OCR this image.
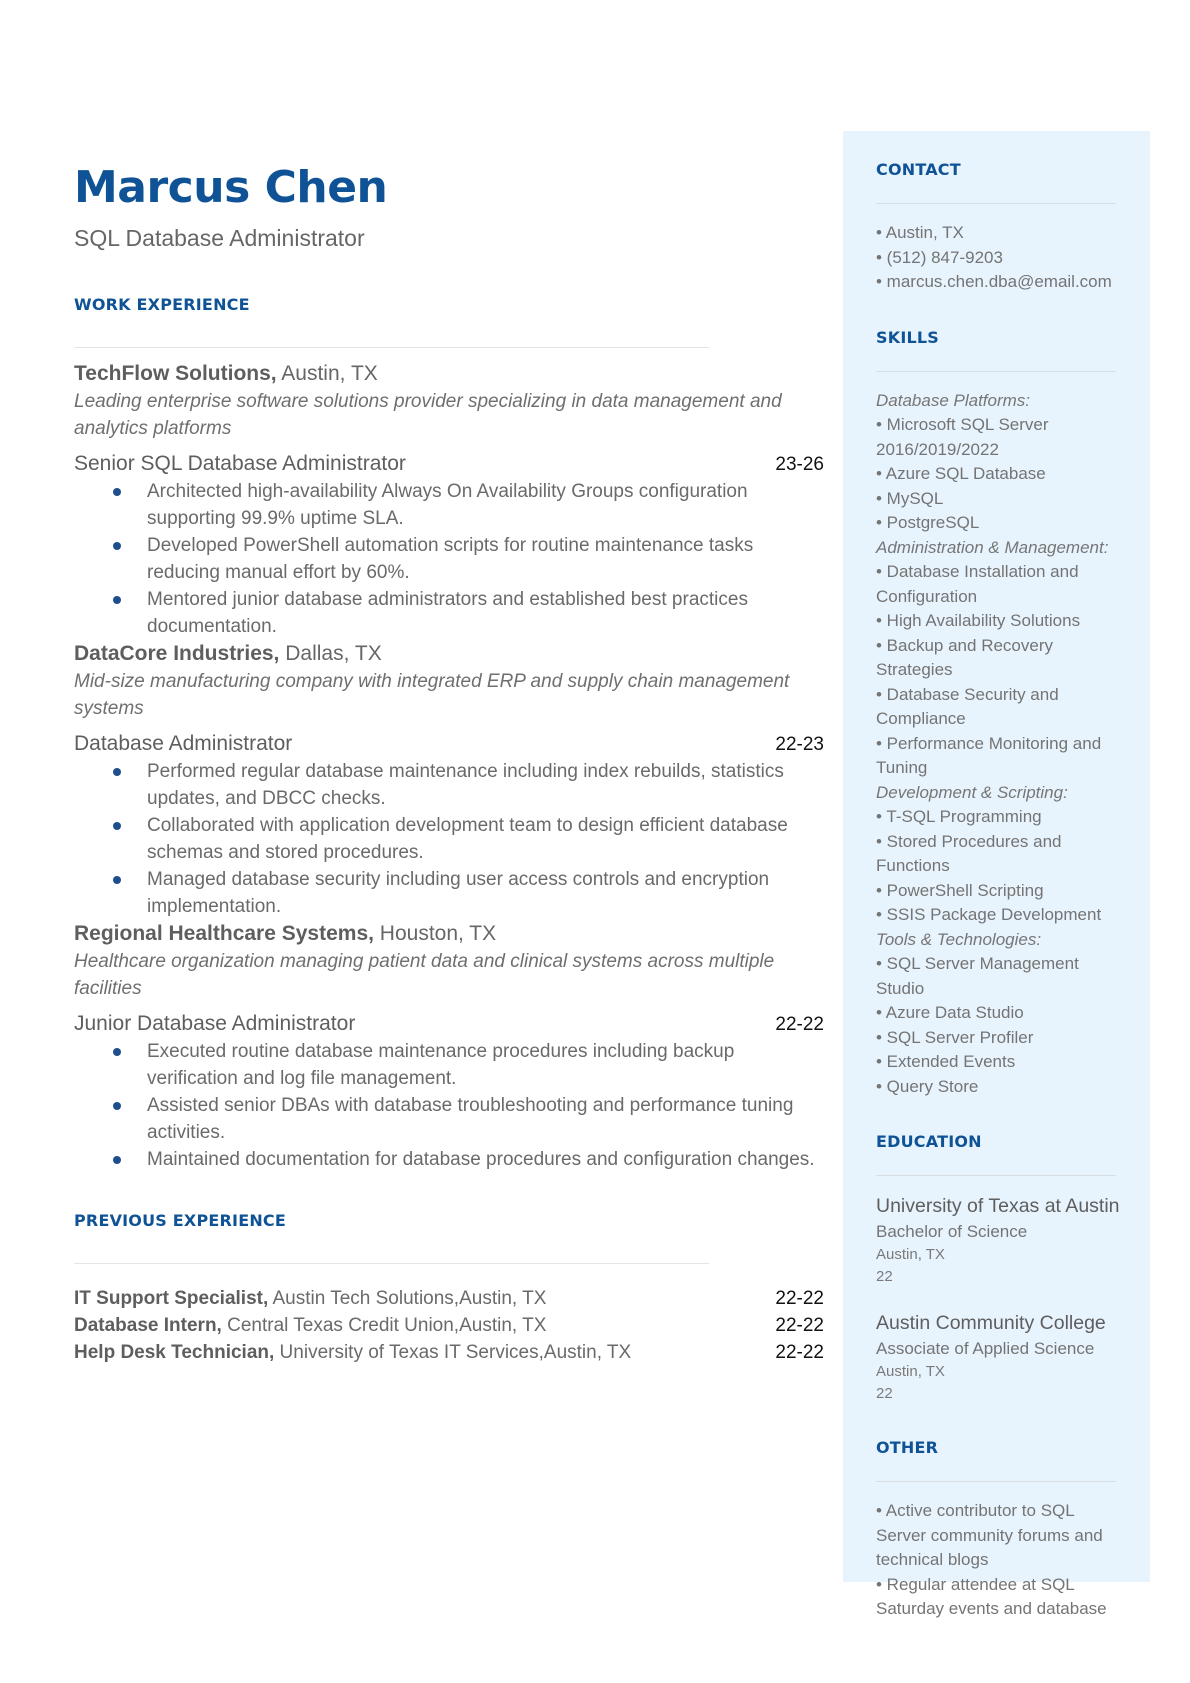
Marcus Chen
SQL Database Administrator
WORK EXPERIENCE
TechFlow Solutions, Austin, TX
Leading enterprise software solutions provider specializing in data management and analytics platforms
Senior SQL Database Administrator	23-26
Architected high-availability Always On Availability Groups configuration supporting 99.9% uptime SLA.
Developed PowerShell automation scripts for routine maintenance tasks reducing manual effort by 60%.
Mentored junior database administrators and established best practices documentation.
DataCore Industries, Dallas, TX
Mid-size manufacturing company with integrated ERP and supply chain management systems
Database Administrator	22-23
Performed regular database maintenance including index rebuilds, statistics updates, and DBCC checks.
Collaborated with application development team to design efficient database schemas and stored procedures.
Managed database security including user access controls and encryption implementation.
Regional Healthcare Systems, Houston, TX
Healthcare organization managing patient data and clinical systems across multiple facilities
Junior Database Administrator	22-22
Executed routine database maintenance procedures including backup verification and log file management.
Assisted senior DBAs with database troubleshooting and performance tuning activities.
Maintained documentation for database procedures and configuration changes.
PREVIOUS EXPERIENCE
IT Support Specialist, Austin Tech Solutions,Austin, TX	22-22
Database Intern, Central Texas Credit Union,Austin, TX	22-22
Help Desk Technician, University of Texas IT Services,Austin, TX	22-22
CONTACT
• Austin, TX
• (512) 847-9203
• marcus.chen.dba@email.com
SKILLS
Database Platforms:
• Microsoft SQL Server 2016/2019/2022
• Azure SQL Database
• MySQL
• PostgreSQL
Administration & Management:
• Database Installation and Configuration
• High Availability Solutions
• Backup and Recovery Strategies
• Database Security and Compliance
• Performance Monitoring and Tuning
Development & Scripting:
• T-SQL Programming
• Stored Procedures and Functions
• PowerShell Scripting
• SSIS Package Development
Tools & Technologies:
• SQL Server Management Studio
• Azure Data Studio
• SQL Server Profiler
• Extended Events
• Query Store
EDUCATION
University of Texas at Austin
Bachelor of Science
Austin, TX
22
Austin Community College
Associate of Applied Science
Austin, TX
22
OTHER
• Active contributor to SQL Server community forums and technical blogs
• Regular attendee at SQL Saturday events and database
